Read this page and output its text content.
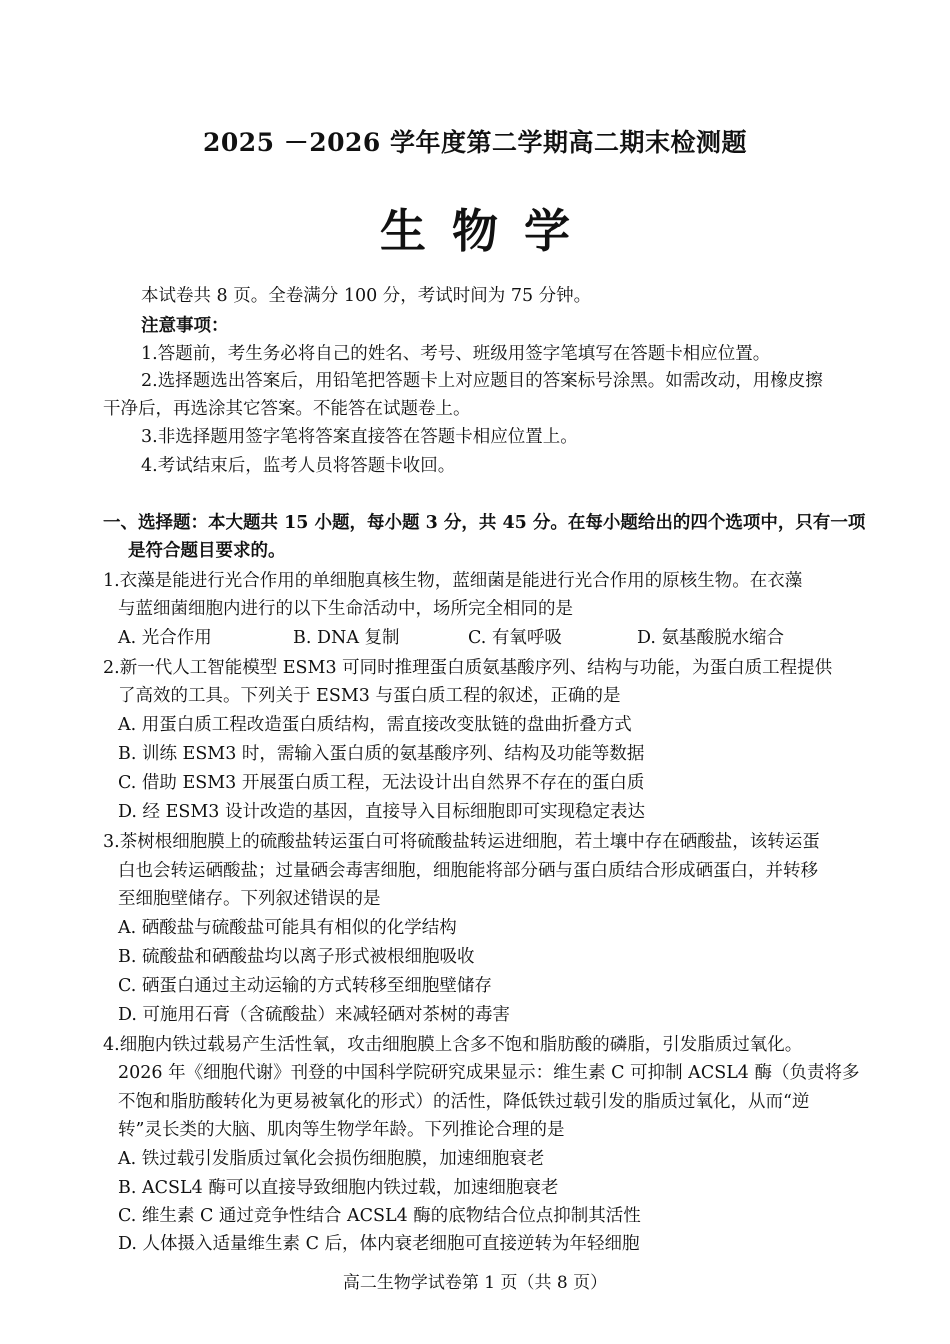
2025 －2026 学年度第二学期高二期末检测题
生物学
本试卷共 8 页。全卷满分 100 分，考试时间为 75 分钟。
注意事项：
1.答题前，考生务必将自己的姓名、考号、班级用签字笔填写在答题卡相应位置。
2.选择题选出答案后，用铅笔把答题卡上对应题目的答案标号涂黑。如需改动，用橡皮擦
干净后，再选涂其它答案。不能答在试题卷上。
3.非选择题用签字笔将答案直接答在答题卡相应位置上。
4.考试结束后，监考人员将答题卡收回。
一、选择题：本大题共 15 小题，每小题 3 分，共 45 分。在每小题给出的四个选项中，只有一项
是符合题目要求的。
1.衣藻是能进行光合作用的单细胞真核生物，蓝细菌是能进行光合作用的原核生物。在衣藻
与蓝细菌细胞内进行的以下生命活动中，场所完全相同的是
A. 光合作用	B. DNA 复制	C. 有氧呼吸	D. 氨基酸脱水缩合
2.新一代人工智能模型 ESM3 可同时推理蛋白质氨基酸序列、结构与功能，为蛋白质工程提供
了高效的工具。下列关于 ESM3 与蛋白质工程的叙述，正确的是
A. 用蛋白质工程改造蛋白质结构，需直接改变肽链的盘曲折叠方式
B. 训练 ESM3 时，需输入蛋白质的氨基酸序列、结构及功能等数据
C. 借助 ESM3 开展蛋白质工程，无法设计出自然界不存在的蛋白质
D. 经 ESM3 设计改造的基因，直接导入目标细胞即可实现稳定表达
3.茶树根细胞膜上的硫酸盐转运蛋白可将硫酸盐转运进细胞，若土壤中存在硒酸盐，该转运蛋
白也会转运硒酸盐；过量硒会毒害细胞，细胞能将部分硒与蛋白质结合形成硒蛋白，并转移
至细胞壁储存。下列叙述错误的是
A. 硒酸盐与硫酸盐可能具有相似的化学结构
B. 硫酸盐和硒酸盐均以离子形式被根细胞吸收
C. 硒蛋白通过主动运输的方式转移至细胞壁储存
D. 可施用石膏（含硫酸盐）来减轻硒对茶树的毒害
4.细胞内铁过载易产生活性氧，攻击细胞膜上含多不饱和脂肪酸的磷脂，引发脂质过氧化。
2026 年《细胞代谢》刊登的中国科学院研究成果显示：维生素 C 可抑制 ACSL4 酶（负责将多
不饱和脂肪酸转化为更易被氧化的形式）的活性，降低铁过载引发的脂质过氧化，从而“逆
转”灵长类的大脑、肌肉等生物学年龄。下列推论合理的是
A. 铁过载引发脂质过氧化会损伤细胞膜，加速细胞衰老
B. ACSL4 酶可以直接导致细胞内铁过载，加速细胞衰老
C. 维生素 C 通过竞争性结合 ACSL4 酶的底物结合位点抑制其活性
D. 人体摄入适量维生素 C 后，体内衰老细胞可直接逆转为年轻细胞
高二生物学试卷第 1 页（共 8 页）
